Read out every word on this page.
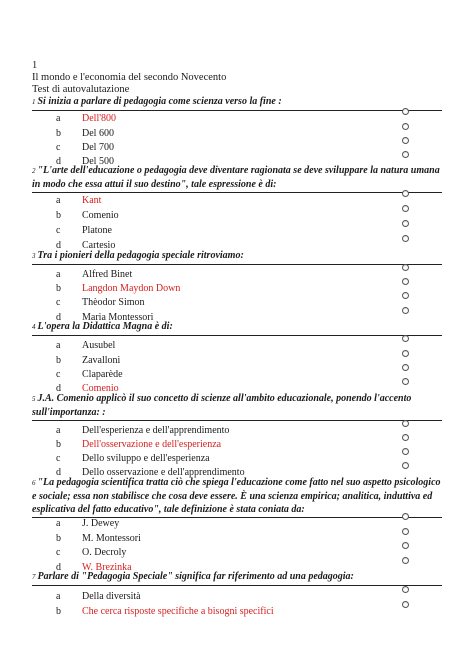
1
Il mondo e l'economia del secondo Novecento
Test di autovalutazione
1 Si inizia a parlare di pedagogia come scienza verso la fine :
a Dell'800
b Del 600
c Del 700
d Del 500
2 "L'arte dell'educazione o pedagogia deve diventare ragionata se deve sviluppare la natura umana in modo che essa attui il suo destino", tale espressione è di:
a Kant
b Comenio
c Platone
d Cartesio
3 Tra i pionieri della pedagogia speciale ritroviamo:
a Alfred Binet
b Langdon Maydon Down
c Thèodor Simon
d Maria Montessori
4 L'opera la Didattica Magna è di:
a Ausubel
b Zavalloni
c Claparède
d Comenio
5 J.A. Comenio applicò il suo concetto di scienze all'ambito educazionale, ponendo l'accento sull'importanza: :
a Dell'esperienza e dell'apprendimento
b Dell'osservazione e dell'esperienza
c Dello sviluppo e dell'esperienza
d Dello osservazione e dell'apprendimento
6 "La pedagogia scientifica tratta ciò che spiega l'educazione come fatto nel suo aspetto psicologico e sociale; essa non stabilisce che cosa deve essere. È una scienza empirica; analitica, induttiva ed esplicativa del fatto educativo", tale definizione è stata coniata da:
a J. Dewey
b M. Montessori
c O. Decroly
d W. Brezinka
7 Parlare di "Pedagogia Speciale" significa far riferimento ad una pedagogia:
a Della diversità
b Che cerca risposte specifiche a bisogni specifici
